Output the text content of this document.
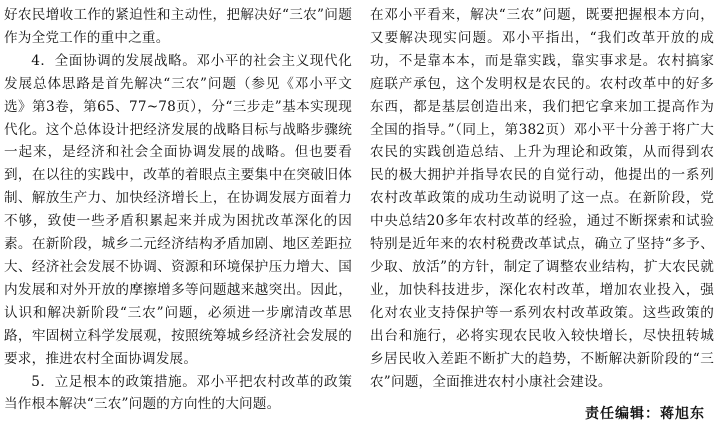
好农民增收工作的紧迫性和主动性，把解决好“三农”问题作为全党工作的重中之重。

4．全面协调的发展战略。邓小平的社会主义现代化发展总体思路是首先解决“三农”问题（参见《邓小平文选》第3卷，第65、77~78页），分“三步走”基本实现现代化。这个总体设计把经济发展的战略目标与战略步骤统一起来，是经济和社会全面协调发展的战略。但也要看到，在以往的实践中，改革的着眼点主要集中在突破旧体制、解放生产力、加快经济增长上，在协调发展方面着力不够，致使一些矛盾积累起来并成为困扰改革深化的因素。在新阶段，城乡二元经济结构矛盾加剧、地区差距拉大、经济社会发展不协调、资源和环境保护压力增大、国内发展和对外开放的摩擦增多等问题越来越突出。因此，认识和解决新阶段“三农”问题，必须进一步廓清改革思路，牢固树立科学发展观，按照统筹城乡经济社会发展的要求，推进农村全面协调发展。

5．立足根本的政策措施。邓小平把农村改革的政策当作根本解决“三农”问题的方向性的大问题。

在邓小平看来，解决“三农”问题，既要把握根本方向，又要解决现实问题。邓小平指出，“我们改革开放的成功，不是靠本本，而是靠实践，靠实事求是。农村搞家庭联产承包，这个发明权是农民的。农村改革中的好多东西，都是基层创造出来，我们把它拿来加工提高作为全国的指导。”（同上，第382页）邓小平十分善于将广大农民的实践创造总结、上升为理论和政策，从而得到农民的极大拥护并指导农民的自觉行动，他提出的一系列农村改革政策的成功生动说明了这一点。在新阶段，党中央总结20多年农村改革的经验，通过不断探索和试验特别是近年来的农村税费改革试点，确立了坚持“多予、少取、放活”的方针，制定了调整农业结构，扩大农民就业，加快科技进步，深化农村改革，增加农业投入，强化对农业支持保护等一系列农村改革政策。这些政策的出台和施行，必将实现农民收入较快增长，尽快扭转城乡居民收入差距不断扩大的趋势，不断解决新阶段的“三农”问题，全面推进农村小康社会建设。

责任编辑：蒋旭东
